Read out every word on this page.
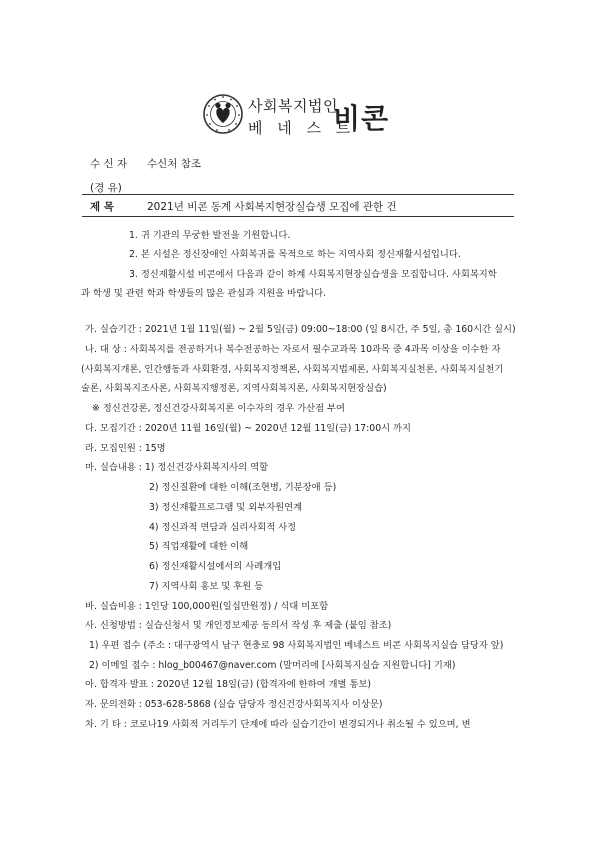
사회복지법인
베 네 스 트
비콘
수 신 자 수신처 참조
(경 유)
제 목	2021년 비콘 동계 사회복지현장실습생 모집에 관한 건
1. 귀 기관의 무궁한 발전을 기원합니다.
2. 본 시설은 정신장애인 사회복귀를 목적으로 하는 지역사회 정신재활시설입니다.
3. 정신재활시설 비콘에서 다음과 같이 하계 사회복지현장실습생을 모집합니다. 사회복지학
과 학생 및 관련 학과 학생들의 많은 관심과 지원을 바랍니다.
가. 실습기간 : 2021년 1월 11일(월) ~ 2월 5일(금) 09:00~18:00 (일 8시간, 주 5일, 총 160시간 실시)
나. 대 상 : 사회복지를 전공하거나 복수전공하는 자로서 필수교과목 10과목 중 4과목 이상을 이수한 자
(사회복지개론, 인간행동과 사회환경, 사회복지정책론, 사회복지법제론, 사회복지실천론, 사회복지실천기
술론, 사회복지조사론, 사회복지행정론, 지역사회복지론, 사회복지현장실습)
※ 정신건강론, 정신건강사회복지론 이수자의 경우 가산점 부여
다. 모집기간 : 2020년 11월 16일(월) ~ 2020년 12월 11일(금) 17:00시 까지
라. 모집인원 : 15명
마. 실습내용 : 1) 정신건강사회복지사의 역할
2) 정신질환에 대한 이해(조현병, 기분장애 등)
3) 정신재활프로그램 및 외부자원연계
4) 정신과적 면담과 심리사회적 사정
5) 직업재활에 대한 이해
6) 정신재활시설에서의 사례개입
7) 지역사회 홍보 및 후원 등
바. 실습비용 : 1인당 100,000원(일십만원정) / 식대 미포함
사. 신청방법 : 실습신청서 및 개인정보제공 동의서 작성 후 제출 (붙임 참조)
1) 우편 접수 (주소 : 대구광역시 남구 현충로 98 사회복지법인 베네스트 비콘 사회복지실습 담당자 앞)
2) 이메일 접수 : hlog_b00467@naver.com (말머리에 [사회복지실습 지원합니다] 기재)
아. 합격자 발표 : 2020년 12월 18일(금) (합격자에 한하여 개별 통보)
자. 문의전화 : 053-628-5868 (실습 담당자 정신건강사회복지사 이상문)
차. 기 타 : 코로나19 사회적 거리두기 단계에 따라 실습기간이 변경되거나 취소될 수 있으며, 변
